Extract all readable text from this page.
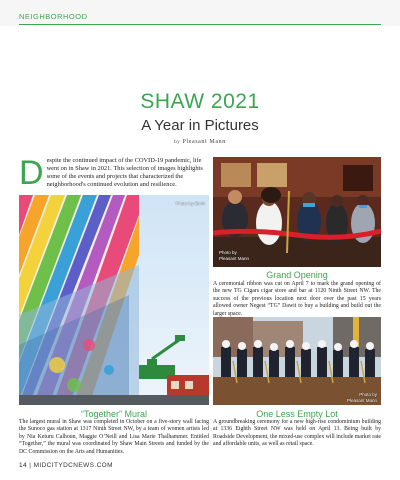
NEIGHBORHOOD
SHAW 2021
A Year in Pictures
by Pleasant Mann
Despite the continued impact of the COVID-19 pandemic, life went on in Shaw in 2021. This selection of images highlights some of the events and projects that characterized the neighborhood's continued evolution and resilience.
Photo by Birch
Photo by
Pleasant Mann
Grand Opening
A ceremonial ribbon was cut on April 7 to mark the grand opening of the new TG Cigars cigar store and bar at 1120 Ninth Street NW. The success of the previous location next door over the past 15 years allowed owner Negest “TG” Dawit to buy a building and build out the larger space.
Photo by
Pleasant Mann
“Together” Mural
The largest mural in Shaw was completed in October on a five-story wall facing the Sunoco gas station at 1317 Ninth Street NW, by a team of women artists led by Nia Keturu Calhoun, Maggie O’Neill and Lisa Marie Thalhammer. Entitled “Together,” the mural was coordinated by Shaw Main Streets and funded by the DC Commission on the Arts and Humanities.
One Less Empty Lot
A groundbreaking ceremony for a new high-rise condominium building at 1336 Eighth Street NW was held on April 13. Being built by Roadside Development, the mixed-use complex will include market rate and affordable units, as well as retail space.
14 | MIDCITYDCNEWS.COM
